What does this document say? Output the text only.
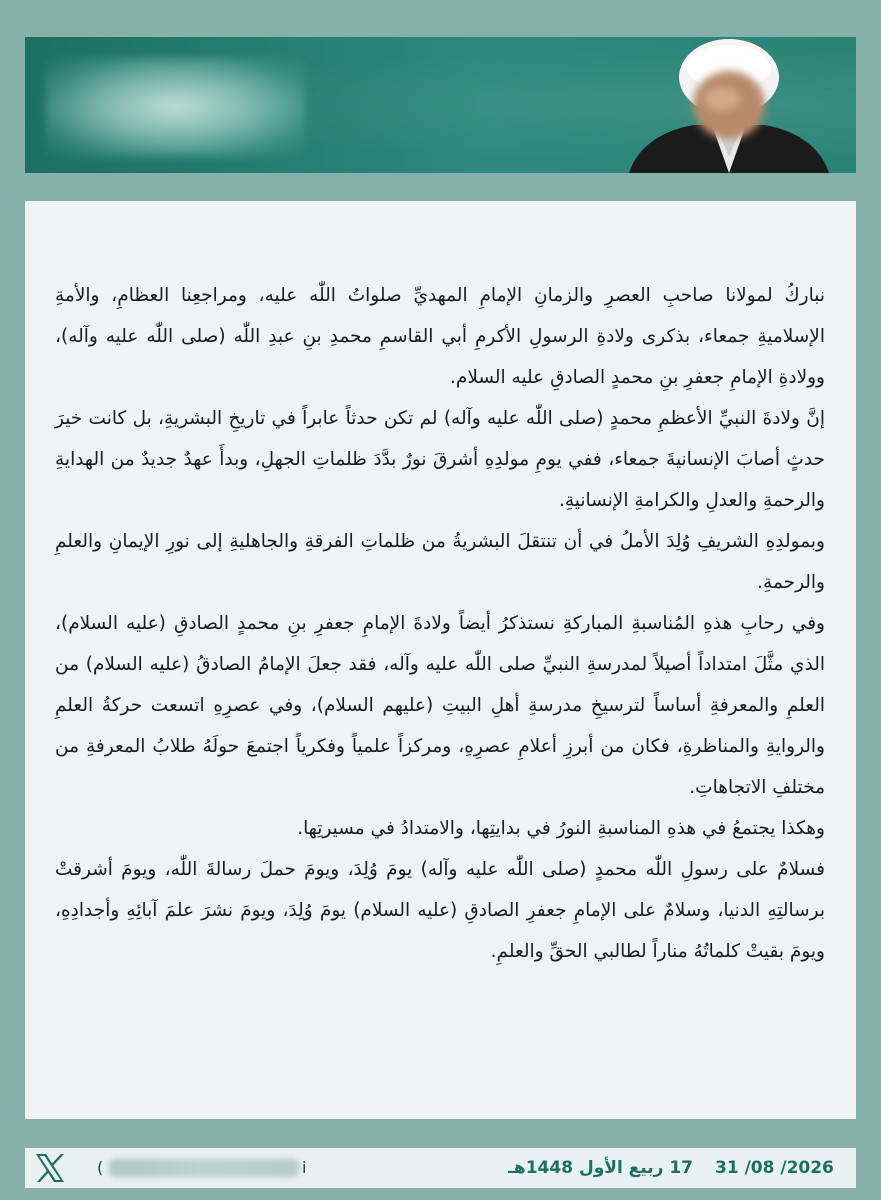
نباركُ لمولانا صاحبِ العصرِ والزمانِ الإمامِ المهديِّ صلواتُ اللّٰه عليه، ومراجعِنا العظامِ، والأمةِ الإسلاميةِ جمعاء، بذكرى ولادةِ الرسولِ الأكرمِ أبي القاسمِ محمدِ بنِ عبدِ اللّٰه (صلى اللّٰه عليه وآله)، وولادةِ الإمامِ جعفرِ بنِ محمدٍ الصادقِ عليه السلام.

إنَّ ولادةَ النبيِّ الأعظمِ محمدٍ (صلى اللّٰه عليه وآله) لم تكن حدثاً عابراً في تاريخِ البشريةِ، بل كانت خيرَ حدثٍ أصابَ الإنسانيةَ جمعاء، ففي يومِ مولدِهِ أشرقَ نورٌ بدَّدَ ظلماتِ الجهلِ، وبدأَ عهدٌ جديدٌ من الهدايةِ والرحمةِ والعدلِ والكرامةِ الإنسانيةِ.

وبمولدِهِ الشريفِ وُلِدَ الأملُ في أن تنتقلَ البشريةُ من ظلماتِ الفرقةِ والجاهليةِ إلى نورِ الإيمانِ والعلمِ والرحمةِ.

وفي رحابِ هذهِ المُناسبةِ المباركةِ نستذكرُ أيضاً ولادةَ الإمامِ جعفرِ بنِ محمدٍ الصادقِ (عليه السلام)، الذي مثَّلَ امتداداً أصيلاً لمدرسةِ النبيِّ صلى اللّٰه عليه وآله، فقد جعلَ الإمامُ الصادقُ (عليه السلام) من العلمِ والمعرفةِ أساساً لترسيخِ مدرسةِ أهلِ البيتِ (عليهم السلام)، وفي عصرِهِ اتسعت حركةُ العلمِ والروايةِ والمناظرةِ، فكان من أبرزِ أعلامِ عصرِهِ، ومركزاً علمياً وفكرياً اجتمعَ حولَهُ طلابُ المعرفةِ من مختلفِ الاتجاهاتِ.

وهكذا يجتمعُ في هذهِ المناسبةِ النورُ في بدايتِها، والامتدادُ في مسيرتِها.

فسلامٌ على رسولِ اللّٰه محمدٍ (صلى اللّٰه عليه وآله) يومَ وُلِدَ، ويومَ حملَ رسالةَ اللّٰه، ويومَ أشرقتْ برسالتِهِ الدنيا، وسلامٌ على الإمامِ جعفرِ الصادقِ (عليه السلام) يومَ وُلِدَ، ويومَ نشرَ علمَ آبائِهِ وأجدادِهِ، ويومَ بقيتْ كلماتُهُ مناراً لطالبي الحقِّ والعلمِ.

(	i	17 ربيع الأول 1448هـ 31 /08 /2026
